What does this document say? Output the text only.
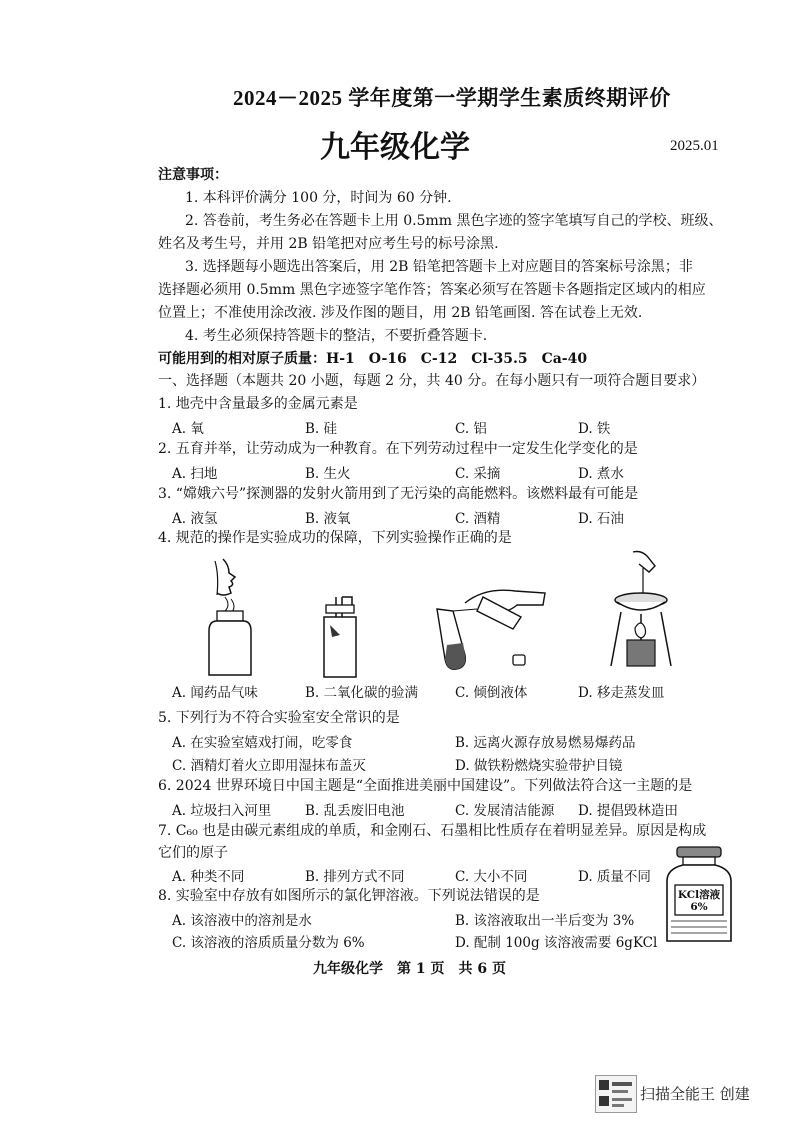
2024－2025 学年度第一学期学生素质终期评价
九年级化学	2025.01
注意事项：
1. 本科评价满分 100 分，时间为 60 分钟.
2. 答卷前，考生务必在答题卡上用 0.5mm 黑色字迹的签字笔填写自己的学校、班级、
姓名及考生号，并用 2B 铅笔把对应考生号的标号涂黑.
3. 选择题每小题选出答案后，用 2B 铅笔把答题卡上对应题目的答案标号涂黑；非
选择题必须用 0.5mm 黑色字迹签字笔作答；答案必须写在答题卡各题指定区域内的相应
位置上；不准使用涂改液. 涉及作图的题目，用 2B 铅笔画图. 答在试卷上无效.
4. 考生必须保持答题卡的整洁，不要折叠答题卡.
可能用到的相对原子质量：H-1　O-16　C-12　Cl-35.5　Ca-40
一、选择题（本题共 20 小题，每题 2 分，共 40 分。在每小题只有一项符合题目要求）
1. 地壳中含量最多的金属元素是
A. 氧	B. 硅	C. 铝	D. 铁
2. 五育并举，让劳动成为一种教育。在下列劳动过程中一定发生化学变化的是
A. 扫地	B. 生火	C. 采摘	D. 煮水
3. “嫦娥六号”探测器的发射火箭用到了无污染的高能燃料。该燃料最有可能是
A. 液氢	B. 液氧	C. 酒精	D. 石油
4. 规范的操作是实验成功的保障，下列实验操作正确的是
A. 闻药品气味	B. 二氧化碳的验满	C. 倾倒液体	D. 移走蒸发皿
5. 下列行为不符合实验室安全常识的是
A. 在实验室嬉戏打闹，吃零食	B. 远离火源存放易燃易爆药品
C. 酒精灯着火立即用湿抹布盖灭	D. 做铁粉燃烧实验带护目镜
6. 2024 世界环境日中国主题是“全面推进美丽中国建设”。下列做法符合这一主题的是
A. 垃圾扫入河里 B. 乱丢废旧电池	C. 发展清洁能源 D. 提倡毁林造田
7. C₆₀ 也是由碳元素组成的单质，和金刚石、石墨相比性质存在着明显差异。原因是构成
它们的原子
A. 种类不同	B. 排列方式不同	C. 大小不同	D. 质量不同
KCl溶液
6%
8. 实验室中存放有如图所示的氯化钾溶液。下列说法错误的是
A. 该溶液中的溶剂是水	B. 该溶液取出一半后变为 3%
C. 该溶液的溶质质量分数为 6%	D. 配制 100g 该溶液需要 6gKCl
九年级化学　第 1 页　共 6 页
扫描全能王 创建
